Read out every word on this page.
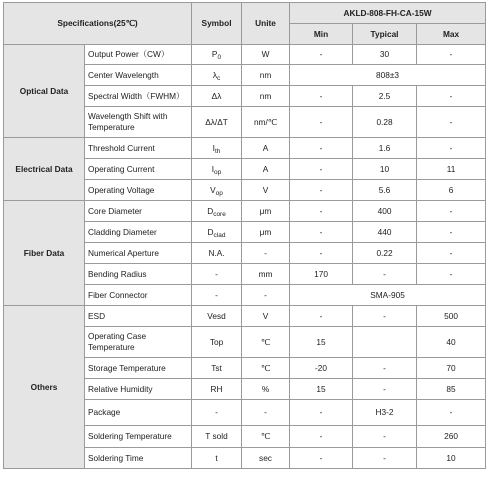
Specifications(25℃)		Symbol	Unite	AKLD-808-FH-CA-15W		
				Min	Typical	Max
Optical Data	Output Power（CW）	$P_0$	W	-	30	-
	Center Wavelength	$\lambda_c$	nm	808±3		
	Spectral Width（FWHM）	Δλ	nm	-	2.5	-
	Wavelength Shift with Temperature	Δλ/ΔT	nm/℃	-	0.28	-
Electrical Data	Threshold Current	$I_{th}$	A	-	1.6	-
	Operating Current	$I_{op}$	A	-	10	11
	Operating Voltage	$V_{op}$	V	-	5.6	6
Fiber Data	Core Diameter	$D_{core}$	μm	-	400	-
	Cladding Diameter	$D_{clad}$	μm	-	440	-
	Numerical Aperture	N.A.	-	-	0.22	-
	Bending Radius	-	mm	170	-	-
	Fiber Connector	-	-	SMA-905		
Others	ESD	Vesd	V	-	-	500
	Operating Case Temperature	Top	℃	15		40
	Storage Temperature	Tst	℃	-20	-	70
	Relative Humidity	RH	%	15	-	85
	Package	-	-	-	H3-2	-
	Soldering Temperature	T sold	℃	-	-	260
	Soldering Time	t	sec	-	-	10
